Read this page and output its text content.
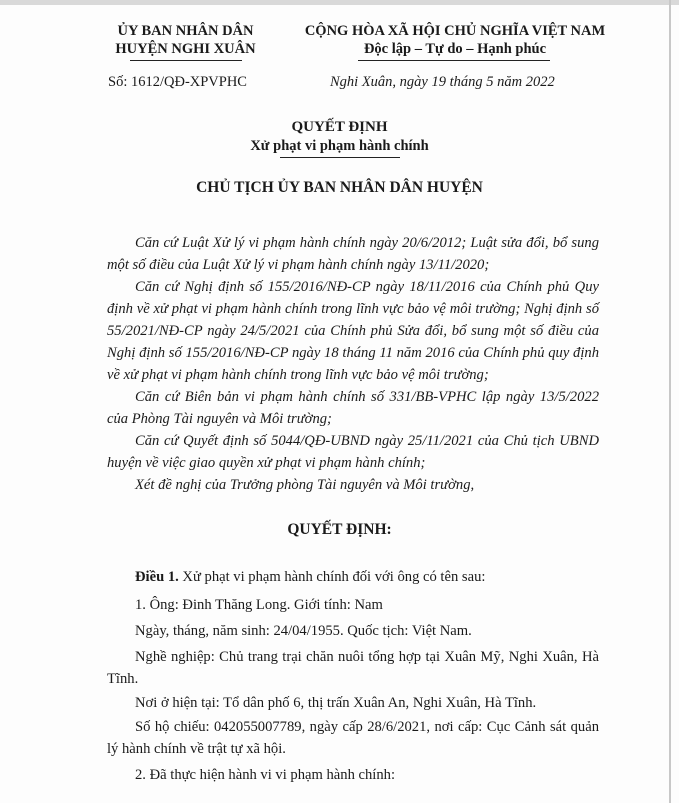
ỦY BAN NHÂN DÂN
HUYỆN NGHI XUÂN
Số: 1612/QĐ-XPVPHC
CỘNG HÒA XÃ HỘI CHỦ NGHĨA VIỆT NAM
Độc lập – Tự do – Hạnh phúc
Nghi Xuân, ngày 19 tháng 5 năm 2022
QUYẾT ĐỊNH
Xử phạt vi phạm hành chính
CHỦ TỊCH ỦY BAN NHÂN DÂN HUYỆN
Căn cứ Luật Xử lý vi phạm hành chính ngày 20/6/2012; Luật sửa đổi, bổ sung một số điều của Luật Xử lý vi phạm hành chính ngày 13/11/2020;
Căn cứ Nghị định số 155/2016/NĐ-CP ngày 18/11/2016 của Chính phủ Quy định về xử phạt vi phạm hành chính trong lĩnh vực bảo vệ môi trường; Nghị định số 55/2021/NĐ-CP ngày 24/5/2021 của Chính phủ Sửa đổi, bổ sung một số điều của Nghị định số 155/2016/NĐ-CP ngày 18 tháng 11 năm 2016 của Chính phủ quy định về xử phạt vi phạm hành chính trong lĩnh vực bảo vệ môi trường;
Căn cứ Biên bản vi phạm hành chính số 331/BB-VPHC lập ngày 13/5/2022 của Phòng Tài nguyên và Môi trường;
Căn cứ Quyết định số 5044/QĐ-UBND ngày 25/11/2021 của Chủ tịch UBND huyện về việc giao quyền xử phạt vi phạm hành chính;
Xét đề nghị của Trưởng phòng Tài nguyên và Môi trường,
QUYẾT ĐỊNH:
Điều 1. Xử phạt vi phạm hành chính đối với ông có tên sau:
1. Ông: Đinh Thăng Long. Giới tính: Nam
Ngày, tháng, năm sinh: 24/04/1955. Quốc tịch: Việt Nam.
Nghề nghiệp: Chủ trang trại chăn nuôi tổng hợp tại Xuân Mỹ, Nghi Xuân, Hà Tĩnh.
Nơi ở hiện tại: Tổ dân phố 6, thị trấn Xuân An, Nghi Xuân, Hà Tĩnh.
Số hộ chiếu: 042055007789, ngày cấp 28/6/2021, nơi cấp: Cục Cảnh sát quản lý hành chính về trật tự xã hội.
2. Đã thực hiện hành vi vi phạm hành chính:
